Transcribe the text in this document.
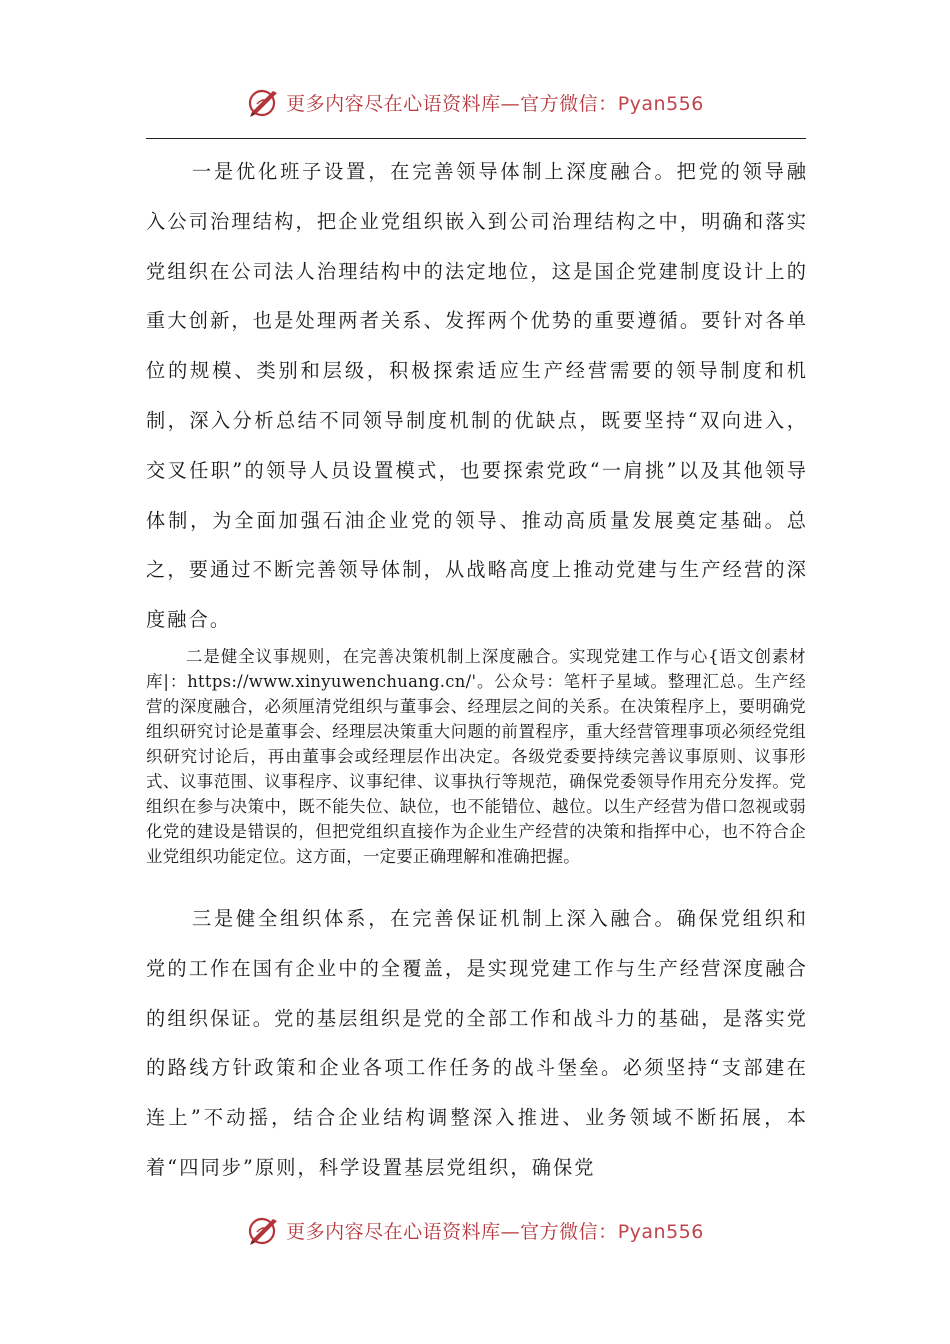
更多内容尽在心语资料库—官方微信：Pyan556

一是优化班子设置，在完善领导体制上深度融合。把党的领导融入公司治理结构，把企业党组织嵌入到公司治理结构之中，明确和落实党组织在公司法人治理结构中的法定地位，这是国企党建制度设计上的重大创新，也是处理两者关系、发挥两个优势的重要遵循。要针对各单位的规模、类别和层级，积极探索适应生产经营需要的领导制度和机制，深入分析总结不同领导制度机制的优缺点，既要坚持“双向进入，交叉任职”的领导人员设置模式，也要探索党政“一肩挑”以及其他领导体制，为全面加强石油企业党的领导、推动高质量发展奠定基础。总之，要通过不断完善领导体制，从战略高度上推动党建与生产经营的深度融合。

二是健全议事规则，在完善决策机制上深度融合。实现党建工作与心{语文创素材库|：https://www.xinyuwenchuang.cn/'。公众号：笔杆子星域。整理汇总。生产经营的深度融合，必须厘清党组织与董事会、经理层之间的关系。在决策程序上，要明确党组织研究讨论是董事会、经理层决策重大问题的前置程序，重大经营管理事项必须经党组织研究讨论后，再由董事会或经理层作出决定。各级党委要持续完善议事原则、议事形式、议事范围、议事程序、议事纪律、议事执行等规范，确保党委领导作用充分发挥。党组织在参与决策中，既不能失位、缺位，也不能错位、越位。以生产经营为借口忽视或弱化党的建设是错误的，但把党组织直接作为企业生产经营的决策和指挥中心，也不符合企业党组织功能定位。这方面，一定要正确理解和准确把握。

三是健全组织体系，在完善保证机制上深入融合。确保党组织和党的工作在国有企业中的全覆盖，是实现党建工作与生产经营深度融合的组织保证。党的基层组织是党的全部工作和战斗力的基础，是落实党的路线方针政策和企业各项工作任务的战斗堡垒。必须坚持“支部建在连上”不动摇，结合企业结构调整深入推进、业务领域不断拓展，本着“四同步”原则，科学设置基层党组织，确保党

更多内容尽在心语资料库—官方微信：Pyan556
